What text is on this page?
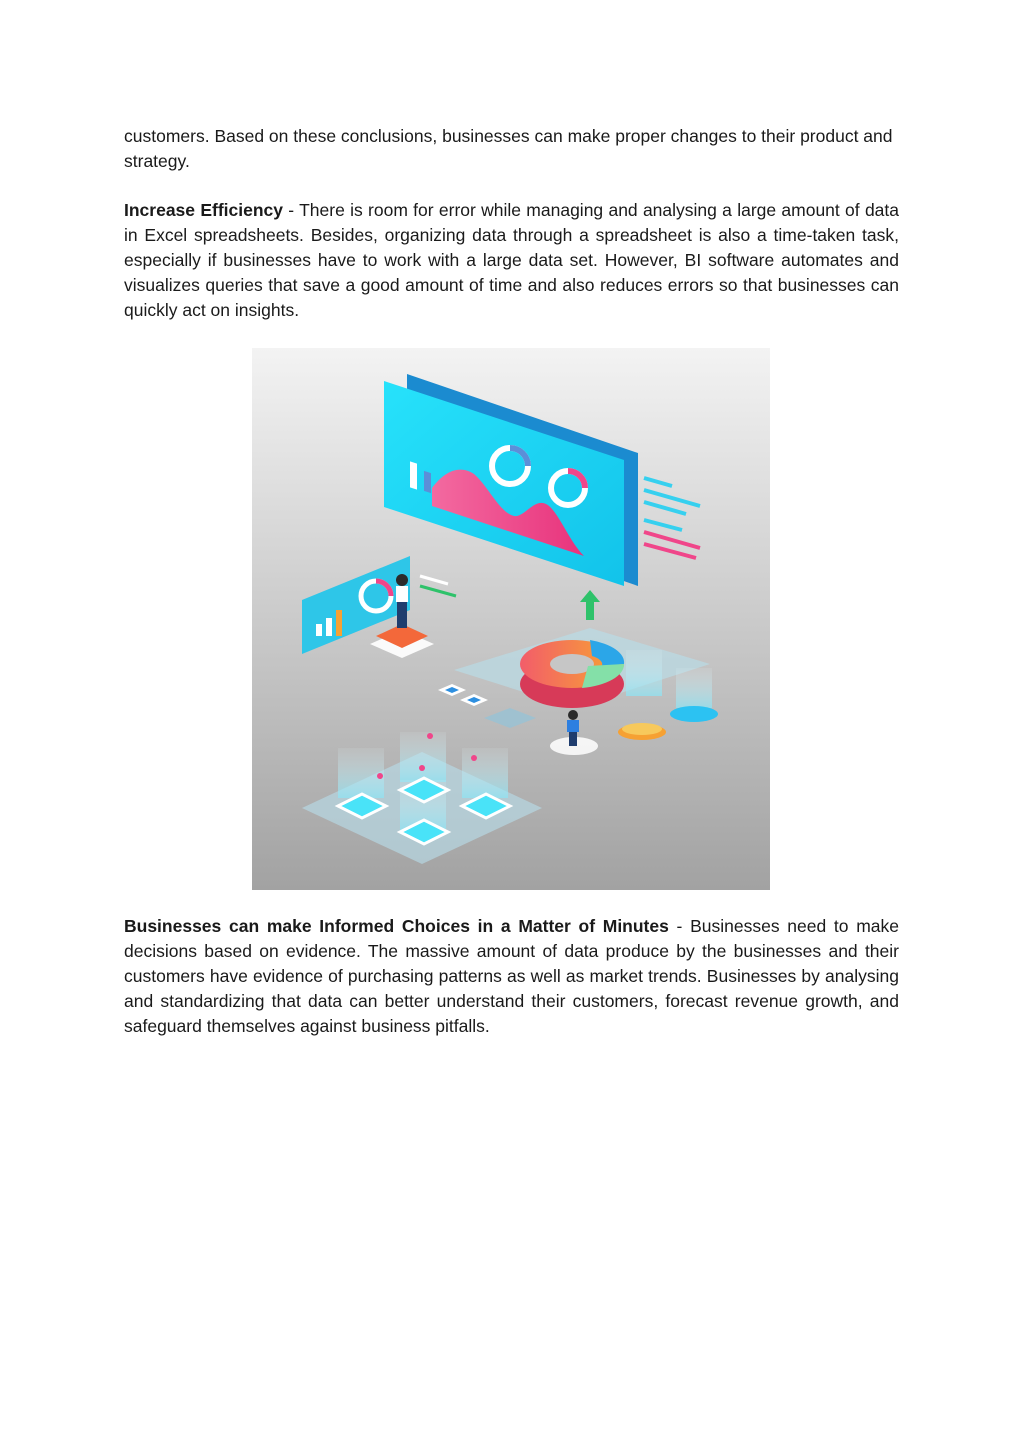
customers. Based on these conclusions, businesses can make proper changes to their product and strategy.

Increase Efficiency - There is room for error while managing and analysing a large amount of data in Excel spreadsheets. Besides, organizing data through a spreadsheet is also a time-taken task, especially if businesses have to work with a large data set. However, BI software automates and visualizes queries that save a good amount of time and also reduces errors so that businesses can quickly act on insights.

Businesses can make Informed Choices in a Matter of Minutes - Businesses need to make decisions based on evidence. The massive amount of data produce by the businesses and their customers have evidence of purchasing patterns as well as market trends. Businesses by analysing and standardizing that data can better understand their customers, forecast revenue growth, and safeguard themselves against business pitfalls.
